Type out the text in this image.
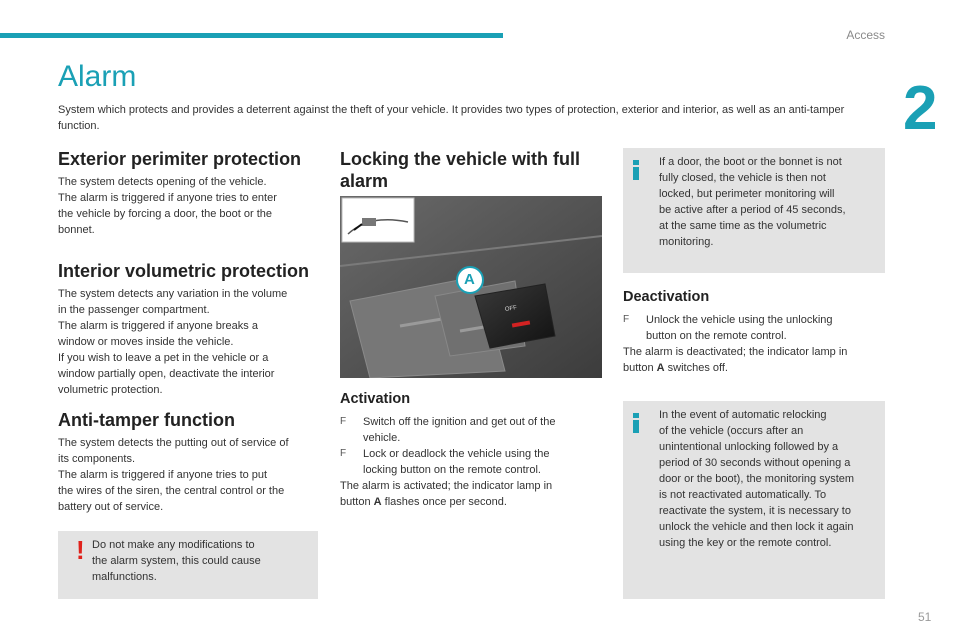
Access
2
51
Alarm

System which protects and provides a deterrent against the theft of your vehicle. It provides two types of protection, exterior and interior, as well as an anti-tamper function.

Exterior perimiter protection

The system detects opening of the vehicle.
The alarm is triggered if anyone tries to enter
the vehicle by forcing a door, the boot or the
bonnet.

Interior volumetric protection

The system detects any variation in the volume
in the passenger compartment.
The alarm is triggered if anyone breaks a
window or moves inside the vehicle.
If you wish to leave a pet in the vehicle or a
window partially open, deactivate the interior
volumetric protection.

Anti-tamper function

The system detects the putting out of service of
its components.
The alarm is triggered if anyone tries to put
the wires of the siren, the central control or the
battery out of service.

! Do not make any modifications to
the alarm system, this could cause
malfunctions.

Locking the vehicle with full
alarm
A
OFF
Activation
F Switch off the ignition and get out of the
vehicle.
F Lock or deadlock the vehicle using the
locking button on the remote control.

The alarm is activated; the indicator lamp in
button A flashes once per second.

If a door, the boot or the bonnet is not
fully closed, the vehicle is then not
locked, but perimeter monitoring will
be active after a period of 45 seconds,
at the same time as the volumetric
monitoring.

Deactivation
F Unlock the vehicle using the unlocking
button on the remote control.

The alarm is deactivated; the indicator lamp in
button A switches off.

In the event of automatic relocking
of the vehicle (occurs after an
unintentional unlocking followed by a
period of 30 seconds without opening a
door or the boot), the monitoring system
is not reactivated automatically. To
reactivate the system, it is necessary to
unlock the vehicle and then lock it again
using the key or the remote control.
